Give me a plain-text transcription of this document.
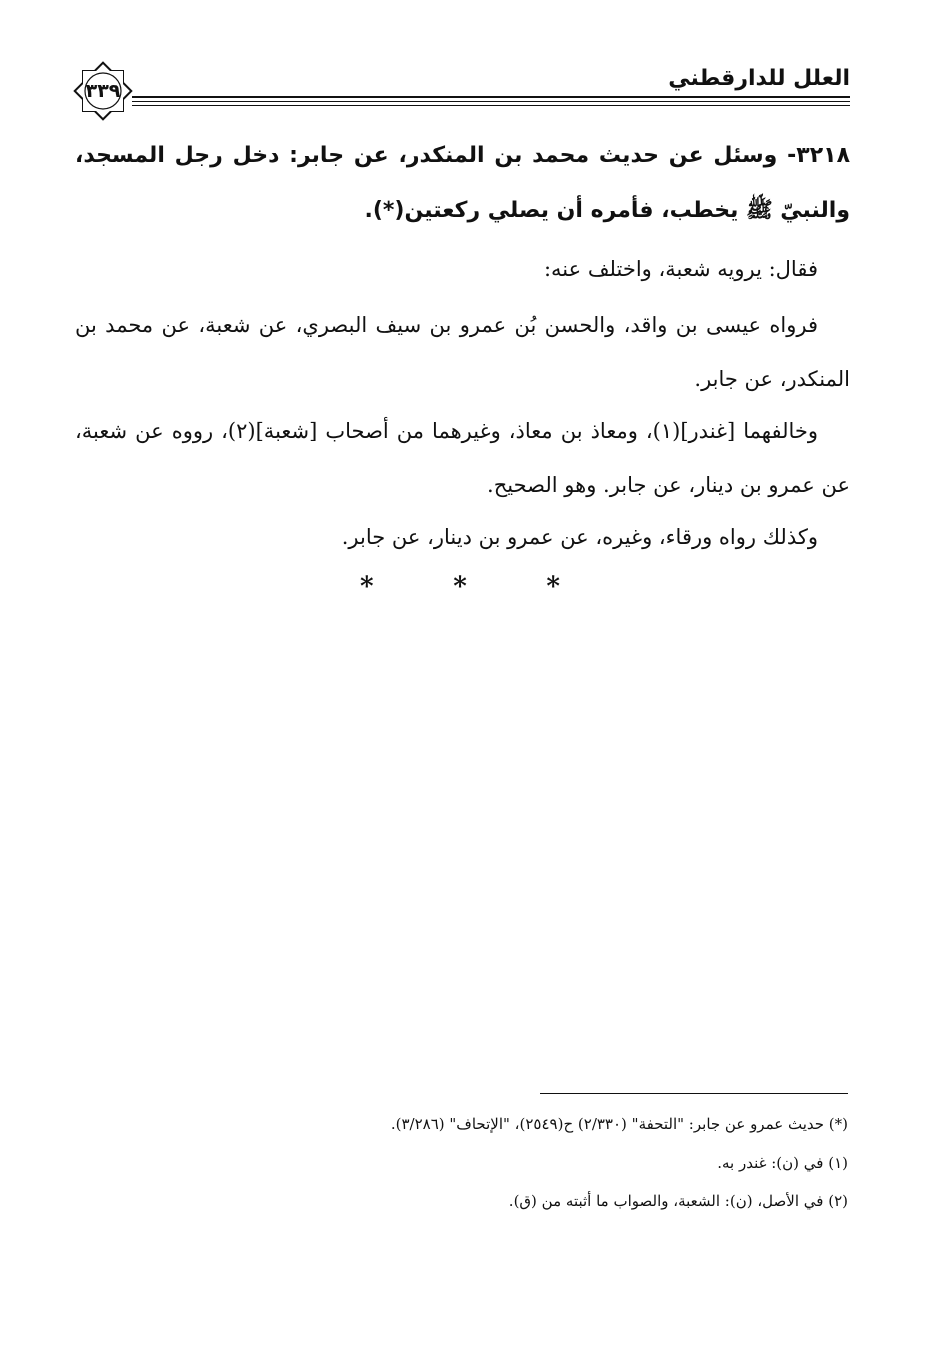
العلل للدارقطني
٣٣٩
٣٢١٨- وسئل عن حديث محمد بن المنكدر، عن جابر: دخل رجل المسجد، والنبيّ ﷺ يخطب، فأمره أن يصلي ركعتين(*).
فقال: يرويه شعبة، واختلف عنه:
فرواه عيسى بن واقد، والحسن بُن عمرو بن سيف البصري، عن شعبة، عن محمد بن المنكدر، عن جابر.
وخالفهما [غندر](١)، ومعاذ بن معاذ، وغيرهما من أصحاب [شعبة](٢)، رووه عن شعبة، عن عمرو بن دينار، عن جابر. وهو الصحيح.
وكذلك رواه ورقاء، وغيره، عن عمرو بن دينار، عن جابر.
*	*	*
(*) حديث عمرو عن جابر: "التحفة" (٢/٣٣٠) ح(٢٥٤٩)، "الإتحاف" (٣/٢٨٦).
(١) في (ن): غندر به.
(٢) في الأصل، (ن): الشعبة، والصواب ما أثبته من (ق).
